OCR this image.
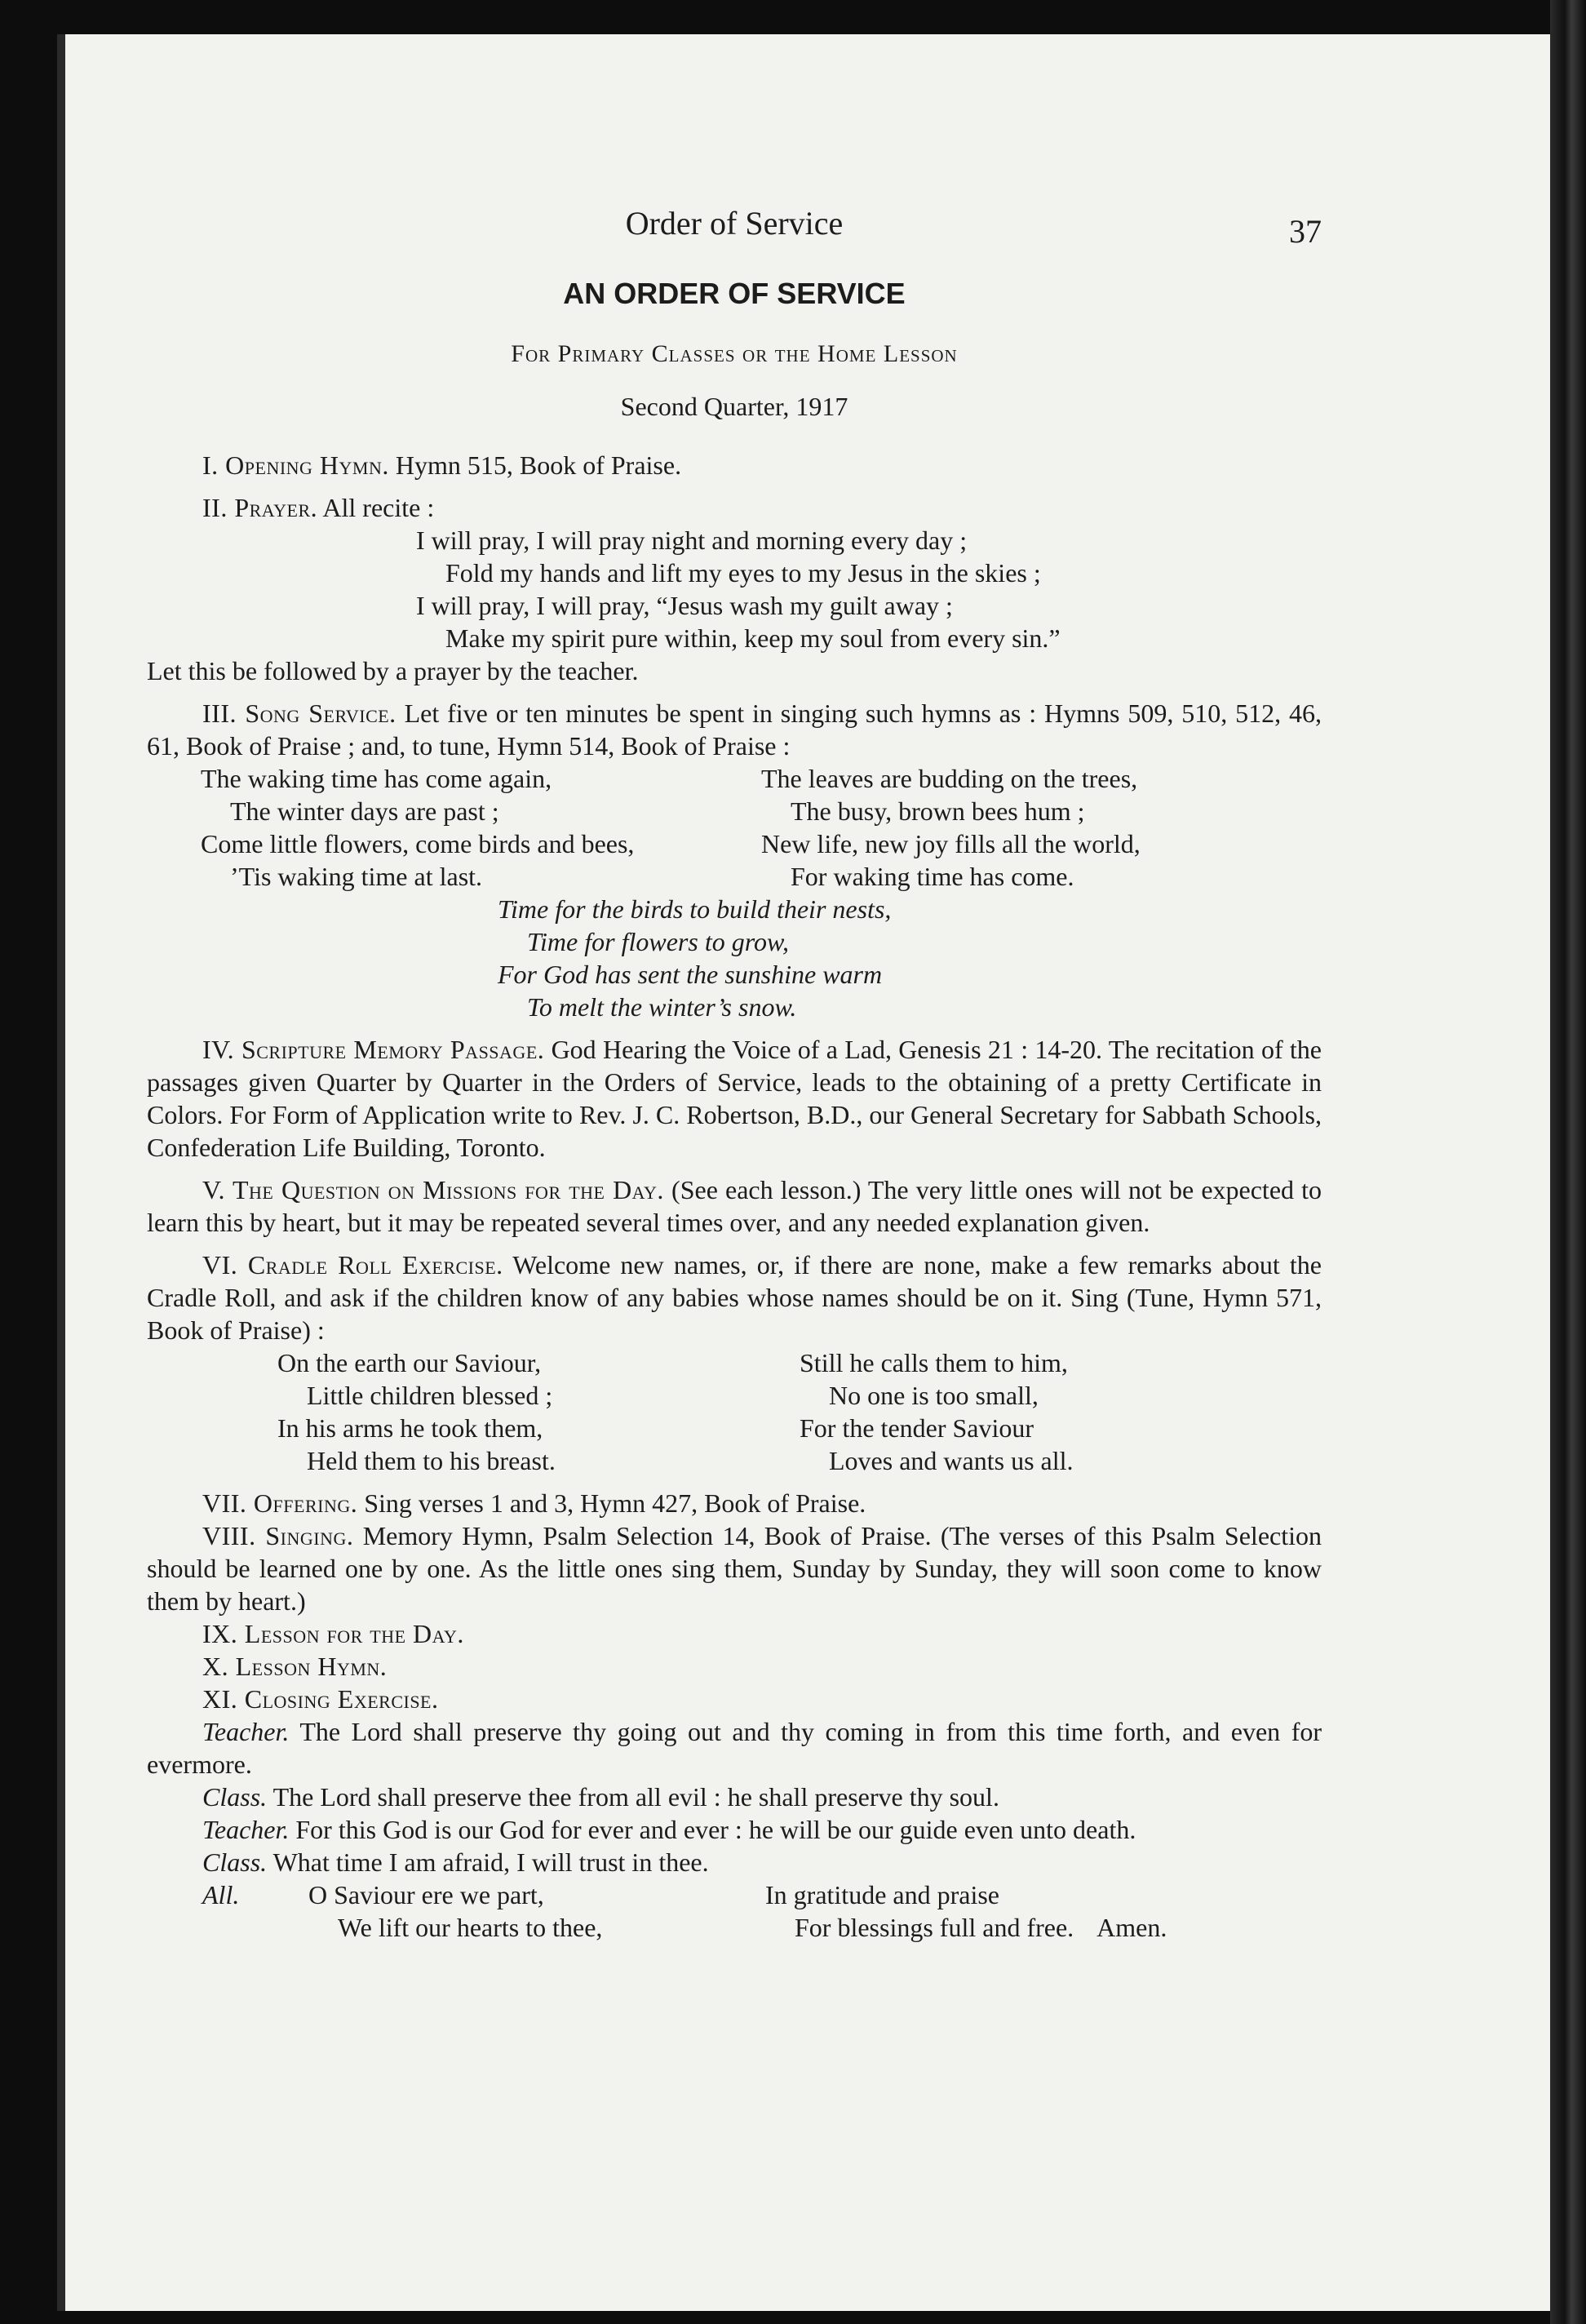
Order of Service	37
AN ORDER OF SERVICE
For Primary Classes or the Home Lesson
Second Quarter, 1917

I. Opening Hymn. Hymn 515, Book of Praise.

II. Prayer. All recite :

I will pray, I will pray night and morning every day ;

Fold my hands and lift my eyes to my Jesus in the skies ;

I will pray, I will pray, “Jesus wash my guilt away ;

Make my spirit pure within, keep my soul from every sin.”

Let this be followed by a prayer by the teacher.

III. Song Service. Let five or ten minutes be spent in singing such hymns as : Hymns 509, 510, 512, 46, 61, Book of Praise ; and, to tune, Hymn 514, Book of Praise :

The waking time has come again,

The winter days are past ;

Come little flowers, come birds and bees,

’Tis waking time at last.

The leaves are budding on the trees,

The busy, brown bees hum ;

New life, new joy fills all the world,

For waking time has come.

Time for the birds to build their nests,

Time for flowers to grow,

For God has sent the sunshine warm

To melt the winter’s snow.

IV. Scripture Memory Passage. God Hearing the Voice of a Lad, Genesis 21 : 14-20. The recitation of the passages given Quarter by Quarter in the Orders of Service, leads to the obtaining of a pretty Certificate in Colors. For Form of Application write to Rev. J. C. Robertson, B.D., our General Secretary for Sabbath Schools, Confederation Life Building, Toronto.

V. The Question on Missions for the Day. (See each lesson.) The very little ones will not be expected to learn this by heart, but it may be repeated several times over, and any needed explanation given.

VI. Cradle Roll Exercise. Welcome new names, or, if there are none, make a few remarks about the Cradle Roll, and ask if the children know of any babies whose names should be on it. Sing (Tune, Hymn 571, Book of Praise) :

On the earth our Saviour,

Little children blessed ;

In his arms he took them,

Held them to his breast.

Still he calls them to him,

No one is too small,

For the tender Saviour

Loves and wants us all.

VII. Offering. Sing verses 1 and 3, Hymn 427, Book of Praise.

VIII. Singing. Memory Hymn, Psalm Selection 14, Book of Praise. (The verses of this Psalm Selection should be learned one by one. As the little ones sing them, Sunday by Sunday, they will soon come to know them by heart.)

IX. Lesson for the Day.

X. Lesson Hymn.

XI. Closing Exercise.

Teacher. The Lord shall preserve thy going out and thy coming in from this time forth, and even for evermore.

Class. The Lord shall preserve thee from all evil : he shall preserve thy soul.

Teacher. For this God is our God for ever and ever : he will be our guide even unto death.

Class. What time I am afraid, I will trust in thee.

All.	O Saviour ere we part,

We lift our hearts to thee,

In gratitude and praise

For blessings full and free. Amen.
